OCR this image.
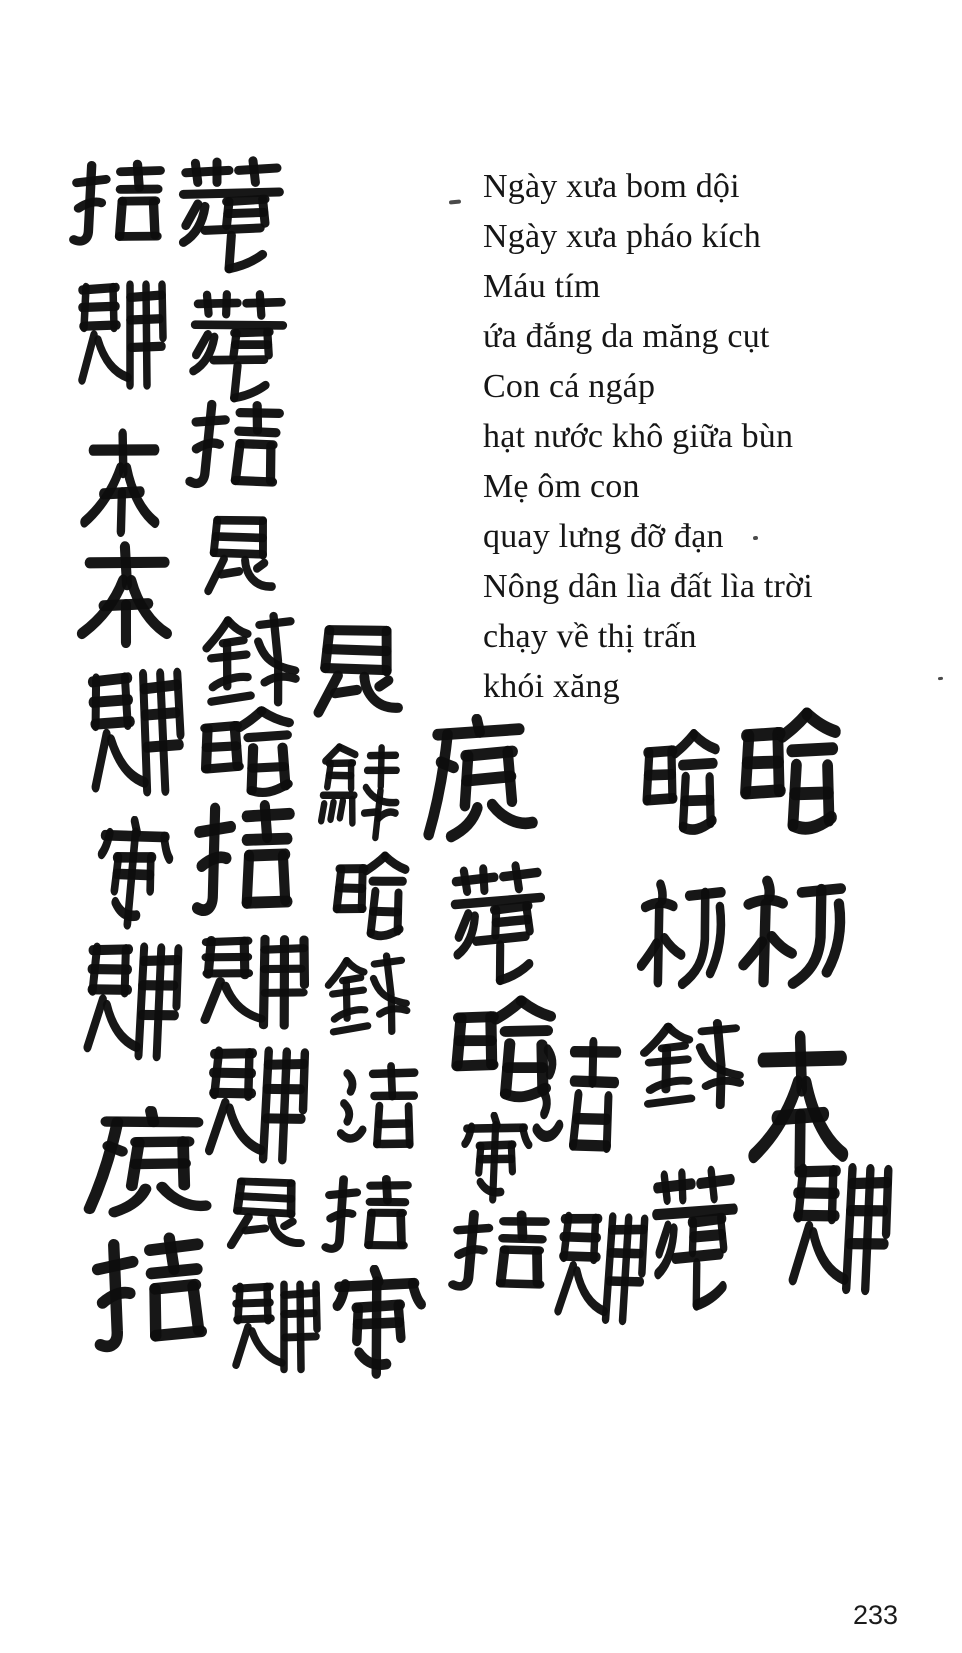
Ngày xưa bom dội
Ngày xưa pháo kích
Máu tím
ứa đắng da măng cụt
Con cá ngáp
hạt nước khô giữa bùn
Mẹ ôm con
quay lưng đỡ đạn
Nông dân lìa đất lìa trời
chạy về thị trấn
khói xăng
233
